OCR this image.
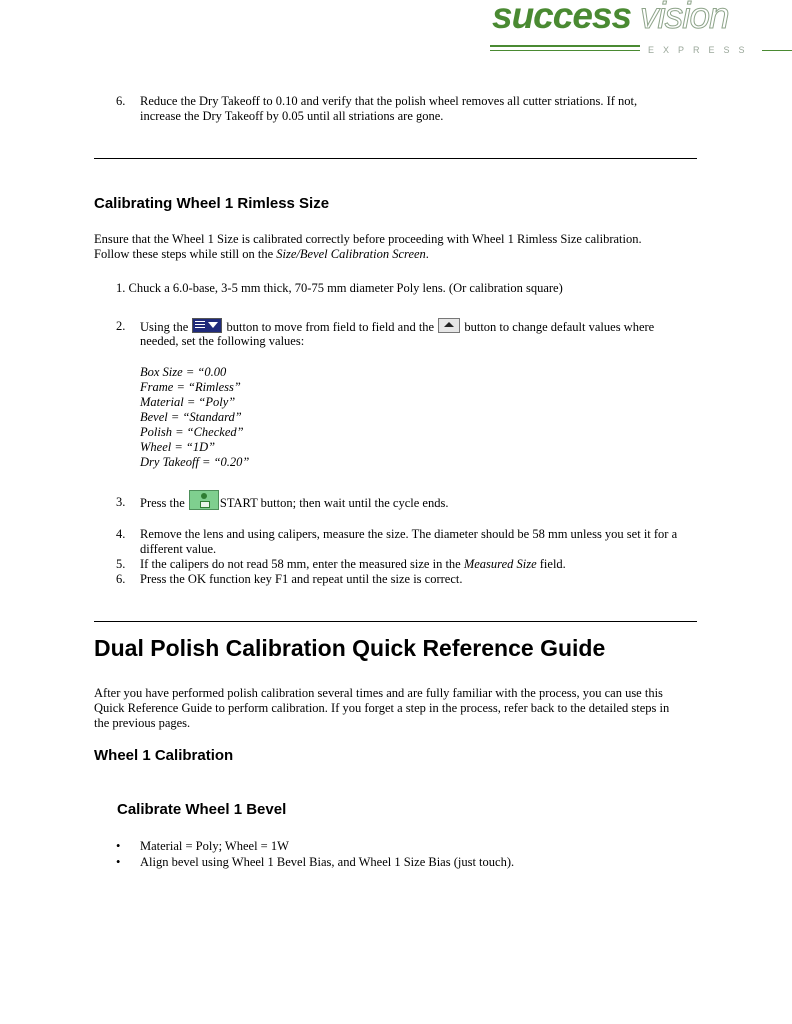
success vision
EXPRESS
6.	Reduce the Dry Takeoff to 0.10 and verify that the polish wheel removes all cutter striations. If not,
increase the Dry Takeoff by 0.05 until all striations are gone.
Calibrating Wheel 1 Rimless Size
Ensure that the Wheel 1 Size is calibrated correctly before proceeding with Wheel 1 Rimless Size calibration.
Follow these steps while still on the Size/Bevel Calibration Screen.
1. Chuck a 6.0-base, 3-5 mm thick, 70-75 mm diameter Poly lens. (Or calibration square)
2.	Using the	button to move from field to field and the button to change default values where
needed, set the following values:
Box Size = “0.00
Frame = “Rimless”
Material = “Poly”
Bevel = “Standard”
Polish = “Checked”
Wheel = “1D”
Dry Takeoff = “0.20”
3.	Press the	START button; then wait until the cycle ends.
4.	Remove the lens and using calipers, measure the size. The diameter should be 58 mm unless you set it for a
different value.
5.	If the calipers do not read 58 mm, enter the measured size in the Measured Size field.
6.	Press the OK function key F1 and repeat until the size is correct.
Dual Polish Calibration Quick Reference Guide
After you have performed polish calibration several times and are fully familiar with the process, you can use this
Quick Reference Guide to perform calibration. If you forget a step in the process, refer back to the detailed steps in
the previous pages.
Wheel 1 Calibration
Calibrate Wheel 1 Bevel
• Material = Poly; Wheel = 1W
• Align bevel using Wheel 1 Bevel Bias, and Wheel 1 Size Bias (just touch).
